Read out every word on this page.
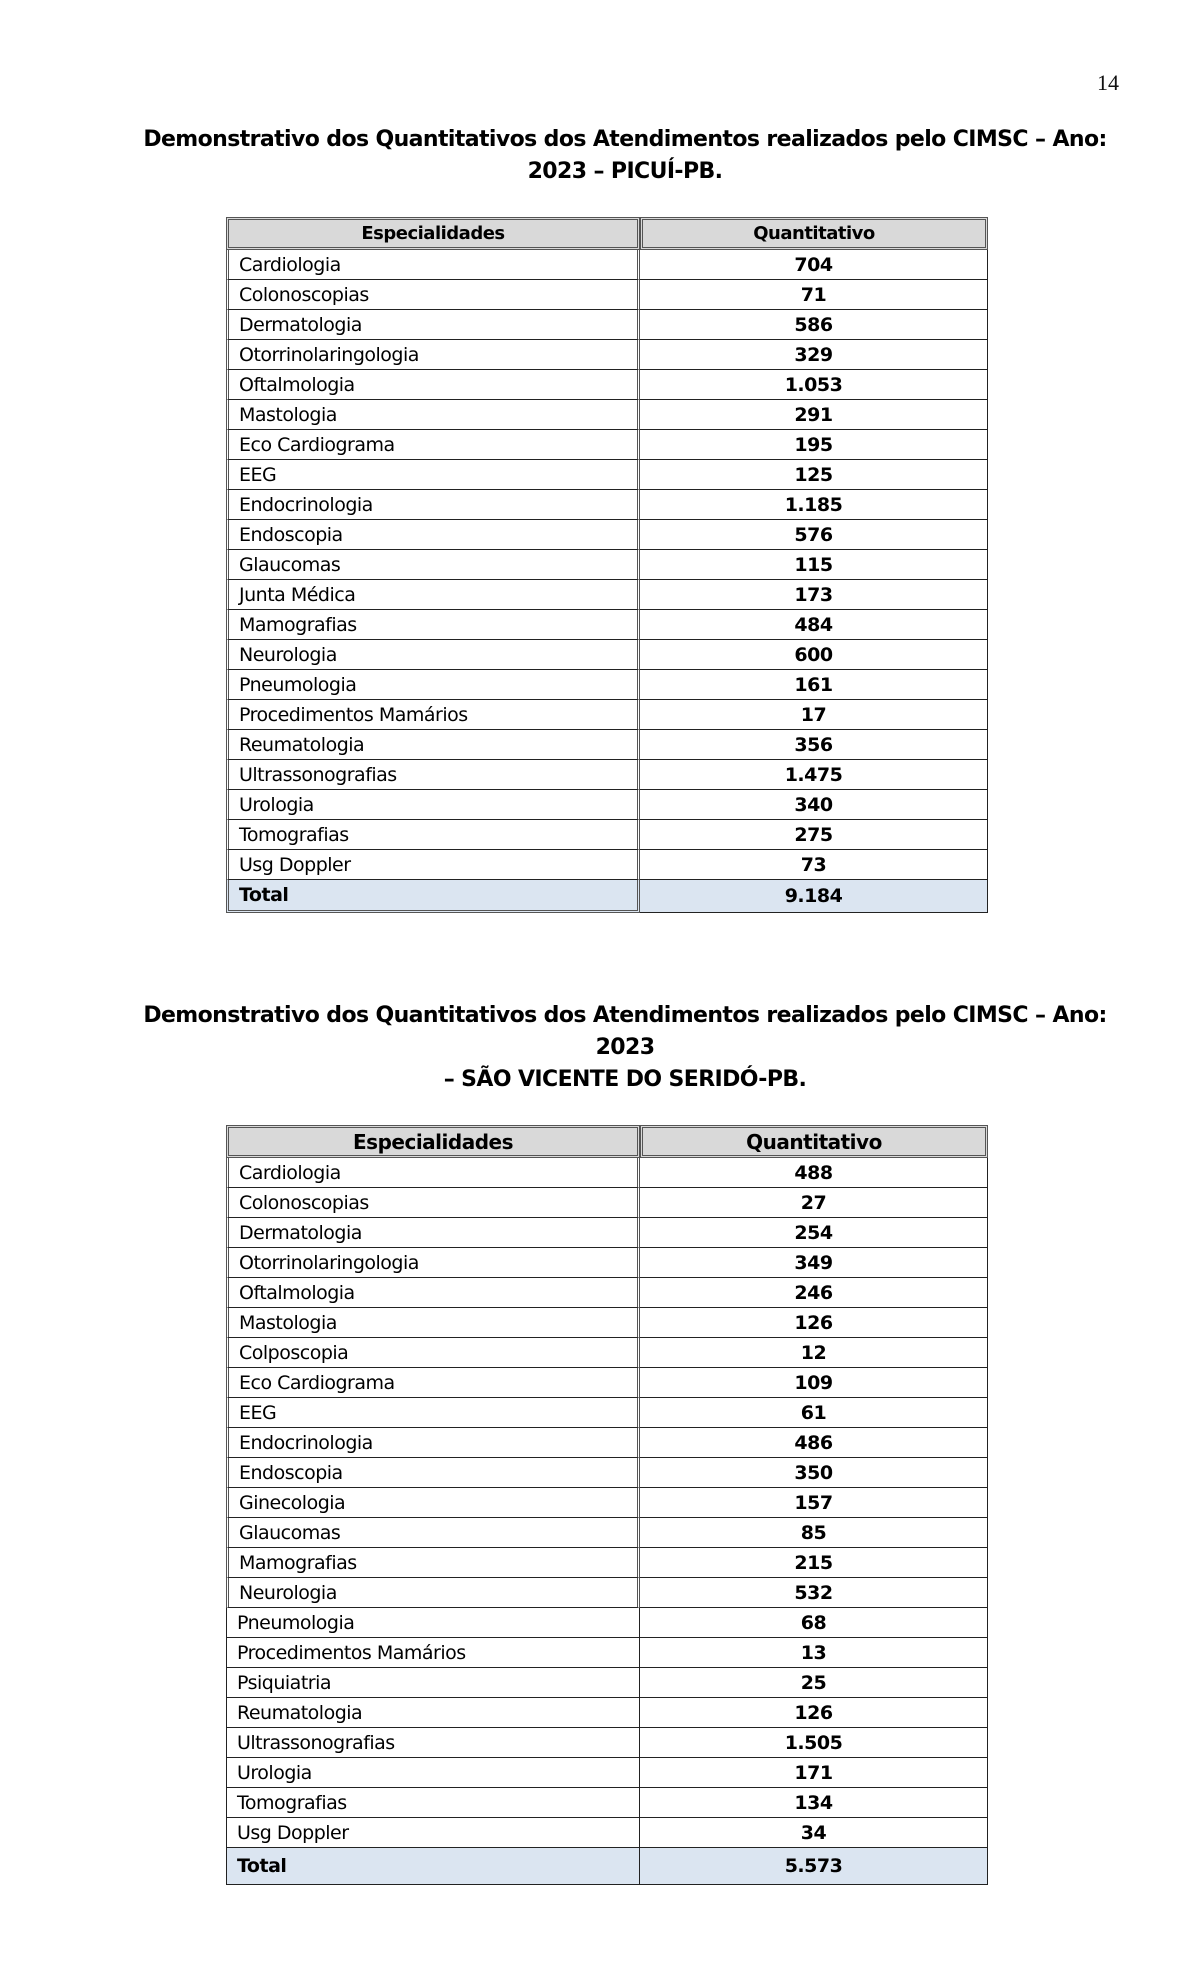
14
Demonstrativo dos Quantitativos dos Atendimentos realizados pelo CIMSC – Ano:
2023 – PICUÍ-PB.
Especialidades	Quantitativo
Cardiologia	704
Colonoscopias	71
Dermatologia	586
Otorrinolaringologia	329
Oftalmologia	1.053
Mastologia	291
Eco Cardiograma	195
EEG	125
Endocrinologia	1.185
Endoscopia	576
Glaucomas	115
Junta Médica	173
Mamografias	484
Neurologia	600
Pneumologia	161
Procedimentos Mamários	17
Reumatologia	356
Ultrassonografias	1.475
Urologia	340
Tomografias	275
Usg Doppler	73
Total	9.184
Demonstrativo dos Quantitativos dos Atendimentos realizados pelo CIMSC – Ano:
2023
– SÃO VICENTE DO SERIDÓ-PB.
Especialidades	Quantitativo
Cardiologia	488
Colonoscopias	27
Dermatologia	254
Otorrinolaringologia	349
Oftalmologia	246
Mastologia	126
Colposcopia	12
Eco Cardiograma	109
EEG	61
Endocrinologia	486
Endoscopia	350
Ginecologia	157
Glaucomas	85
Mamografias	215
Neurologia	532
Pneumologia	68
Procedimentos Mamários	13
Psiquiatria	25
Reumatologia	126
Ultrassonografias	1.505
Urologia	171
Tomografias	134
Usg Doppler	34
Total	5.573
